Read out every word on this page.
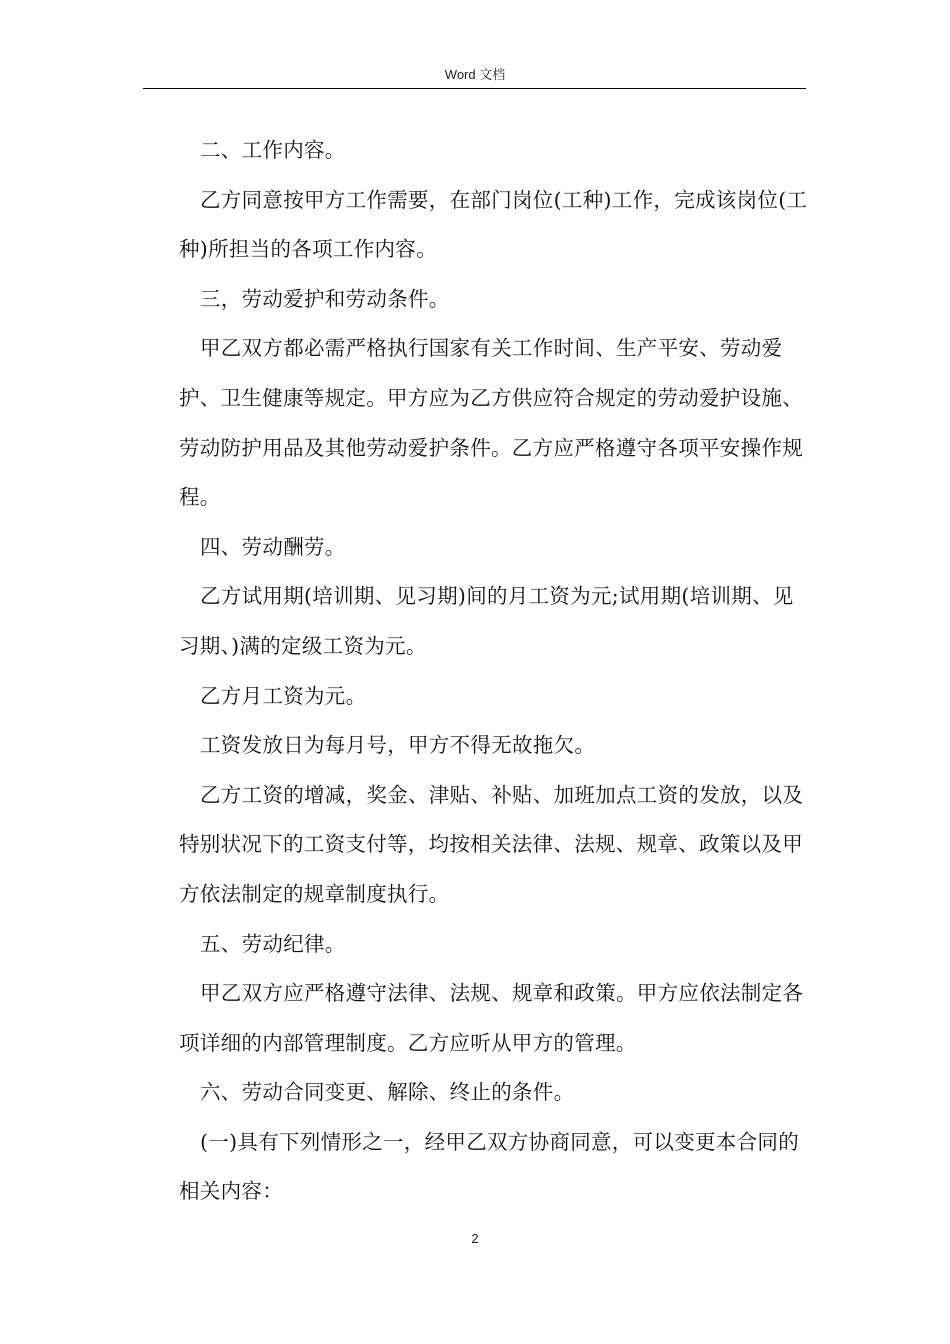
Word 文档

二、工作内容。

乙方同意按甲方工作需要，在部门岗位(工种)工作，完成该岗位(工种)所担当的各项工作内容。

三，劳动爱护和劳动条件。

甲乙双方都必需严格执行国家有关工作时间、生产平安、劳动爱护、卫生健康等规定。甲方应为乙方供应符合规定的劳动爱护设施、劳动防护用品及其他劳动爱护条件。乙方应严格遵守各项平安操作规程。

四、劳动酬劳。

乙方试用期(培训期、见习期)间的月工资为元;试用期(培训期、见习期、)满的定级工资为元。

乙方月工资为元。

工资发放日为每月号，甲方不得无故拖欠。

乙方工资的增减，奖金、津贴、补贴、加班加点工资的发放，以及特别状况下的工资支付等，均按相关法律、法规、规章、政策以及甲方依法制定的规章制度执行。

五、劳动纪律。

甲乙双方应严格遵守法律、法规、规章和政策。甲方应依法制定各项详细的内部管理制度。乙方应听从甲方的管理。

六、劳动合同变更、解除、终止的条件。

(一)具有下列情形之一，经甲乙双方协商同意，可以变更本合同的相关内容：

2
